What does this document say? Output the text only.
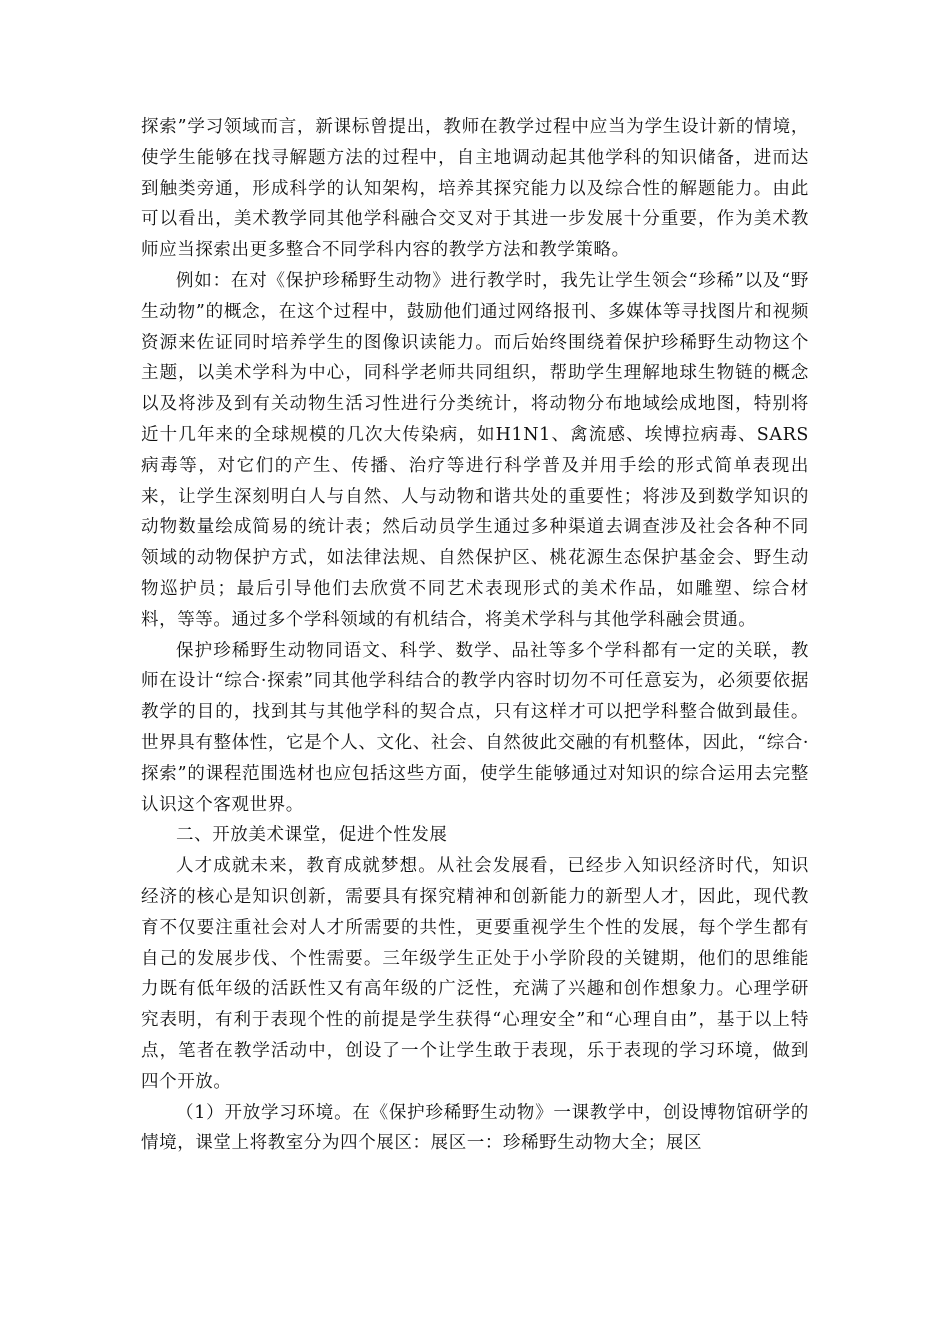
探索”学习领域而言，新课标曾提出，教师在教学过程中应当为学生设计新的情境，使学生能够在找寻解题方法的过程中，自主地调动起其他学科的知识储备，进而达到触类旁通，形成科学的认知架构，培养其探究能力以及综合性的解题能力。由此可以看出，美术教学同其他学科融合交叉对于其进一步发展十分重要，作为美术教师应当探索出更多整合不同学科内容的教学方法和教学策略。

例如：在对《保护珍稀野生动物》进行教学时，我先让学生领会“珍稀”以及“野生动物”的概念，在这个过程中，鼓励他们通过网络报刊、多媒体等寻找图片和视频资源来佐证同时培养学生的图像识读能力。而后始终围绕着保护珍稀野生动物这个主题，以美术学科为中心，同科学老师共同组织，帮助学生理解地球生物链的概念以及将涉及到有关动物生活习性进行分类统计，将动物分布地域绘成地图，特别将近十几年来的全球规模的几次大传染病，如H1N1、禽流感、埃博拉病毒、SARS病毒等，对它们的产生、传播、治疗等进行科学普及并用手绘的形式简单表现出来，让学生深刻明白人与自然、人与动物和谐共处的重要性；将涉及到数学知识的动物数量绘成简易的统计表；然后动员学生通过多种渠道去调查涉及社会各种不同领域的动物保护方式，如法律法规、自然保护区、桃花源生态保护基金会、野生动物巡护员；最后引导他们去欣赏不同艺术表现形式的美术作品，如雕塑、综合材料，等等。通过多个学科领域的有机结合，将美术学科与其他学科融会贯通。

保护珍稀野生动物同语文、科学、数学、品社等多个学科都有一定的关联，教师在设计“综合·探索”同其他学科结合的教学内容时切勿不可任意妄为，必须要依据教学的目的，找到其与其他学科的契合点，只有这样才可以把学科整合做到最佳。世界具有整体性，它是个人、文化、社会、自然彼此交融的有机整体，因此，“综合·探索”的课程范围选材也应包括这些方面，使学生能够通过对知识的综合运用去完整认识这个客观世界。

二、开放美术课堂，促进个性发展

人才成就未来，教育成就梦想。从社会发展看，已经步入知识经济时代，知识经济的核心是知识创新，需要具有探究精神和创新能力的新型人才，因此，现代教育不仅要注重社会对人才所需要的共性，更要重视学生个性的发展，每个学生都有自己的发展步伐、个性需要。三年级学生正处于小学阶段的关键期，他们的思维能力既有低年级的活跃性又有高年级的广泛性，充满了兴趣和创作想象力。心理学研究表明，有利于表现个性的前提是学生获得“心理安全”和“心理自由”，基于以上特点，笔者在教学活动中，创设了一个让学生敢于表现，乐于表现的学习环境，做到四个开放。

（1）开放学习环境。在《保护珍稀野生动物》一课教学中，创设博物馆研学的情境，课堂上将教室分为四个展区：展区一：珍稀野生动物大全；展区
